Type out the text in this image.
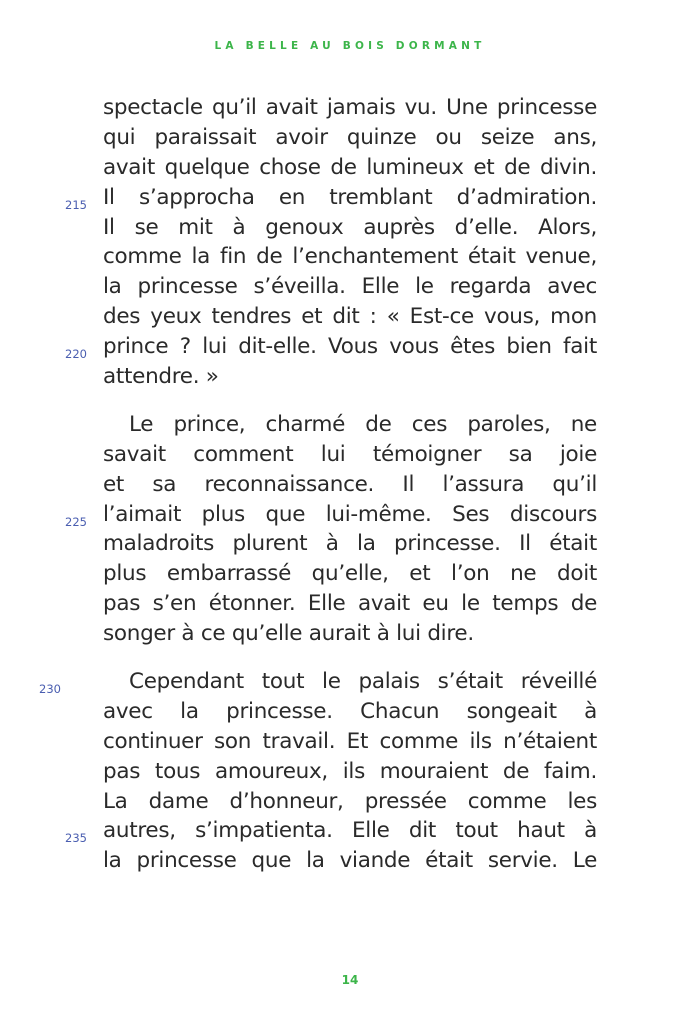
LA BELLE AU BOIS DORMANT
spectacle qu’il avait jamais vu. Une princesse
qui paraissait avoir quinze ou seize ans,
avait quelque chose de lumineux et de divin.
215 Il s’approcha en tremblant d’admiration.
Il se mit à genoux auprès d’elle. Alors,
comme la fin de l’enchantement était venue,
la princesse s’éveilla. Elle le regarda avec
des yeux tendres et dit : « Est-ce vous, mon
220 prince ? lui dit-elle. Vous vous êtes bien fait
attendre. »
Le prince, charmé de ces paroles, ne
savait comment lui témoigner sa joie
et sa reconnaissance. Il l’assura qu’il
225 l’aimait plus que lui-même. Ses discours
maladroits plurent à la princesse. Il était
plus embarrassé qu’elle, et l’on ne doit
pas s’en étonner. Elle avait eu le temps de
songer à ce qu’elle aurait à lui dire.
230	Cependant tout le palais s’était réveillé
avec la princesse. Chacun songeait à
continuer son travail. Et comme ils n’étaient
pas tous amoureux, ils mouraient de faim.
La dame d’honneur, pressée comme les
235 autres, s’impatienta. Elle dit tout haut à
la princesse que la viande était servie. Le
14
